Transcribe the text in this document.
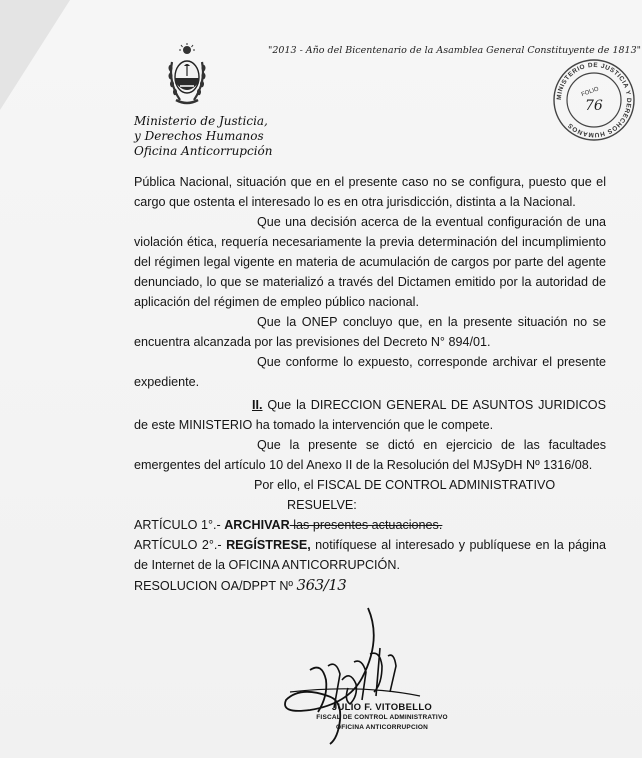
"2013 - Año del Bicentenario de la Asamblea General Constituyente de 1813"
Ministerio de Justicia,
y Derechos Humanos
Oficina Anticorrupción
MINISTERIO DE JUSTICIA Y DERECHOS HUMANOS
FOLIO
76

Pública Nacional, situación que en el presente caso no se configura, puesto que el cargo que ostenta el interesado lo es en otra jurisdicción, distinta a la Nacional.

Que una decisión acerca de la eventual configuración de una violación ética, requería necesariamente la previa determinación del incumplimiento del régimen legal vigente en materia de acumulación de cargos por parte del agente denunciado, lo que se materializó a través del Dictamen emitido por la autoridad de aplicación del régimen de empleo público nacional.

Que la ONEP concluyo que, en la presente situación no se encuentra alcanzada por las previsiones del Decreto N° 894/01.

Que conforme lo expuesto, corresponde archivar el presente expediente.

II. Que la DIRECCION GENERAL DE ASUNTOS JURIDICOS de este MINISTERIO ha tomado la intervención que le compete.

Que la presente se dictó en ejercicio de las facultades emergentes del artículo 10 del Anexo II de la Resolución del MJSyDH Nº 1316/08.

Por ello, el FISCAL DE CONTROL ADMINISTRATIVO

RESUELVE:

ARTÍCULO 1°.- ARCHIVAR las presentes actuaciones.

ARTÍCULO 2°.- REGÍSTRESE, notifíquese al interesado y publíquese en la página de Internet de la OFICINA ANTICORRUPCIÓN.

RESOLUCION OA/DPPT Nº 363/13

JULIO F. VITOBELLO
FISCAL DE CONTROL ADMINISTRATIVO
OFICINA ANTICORRUPCION
